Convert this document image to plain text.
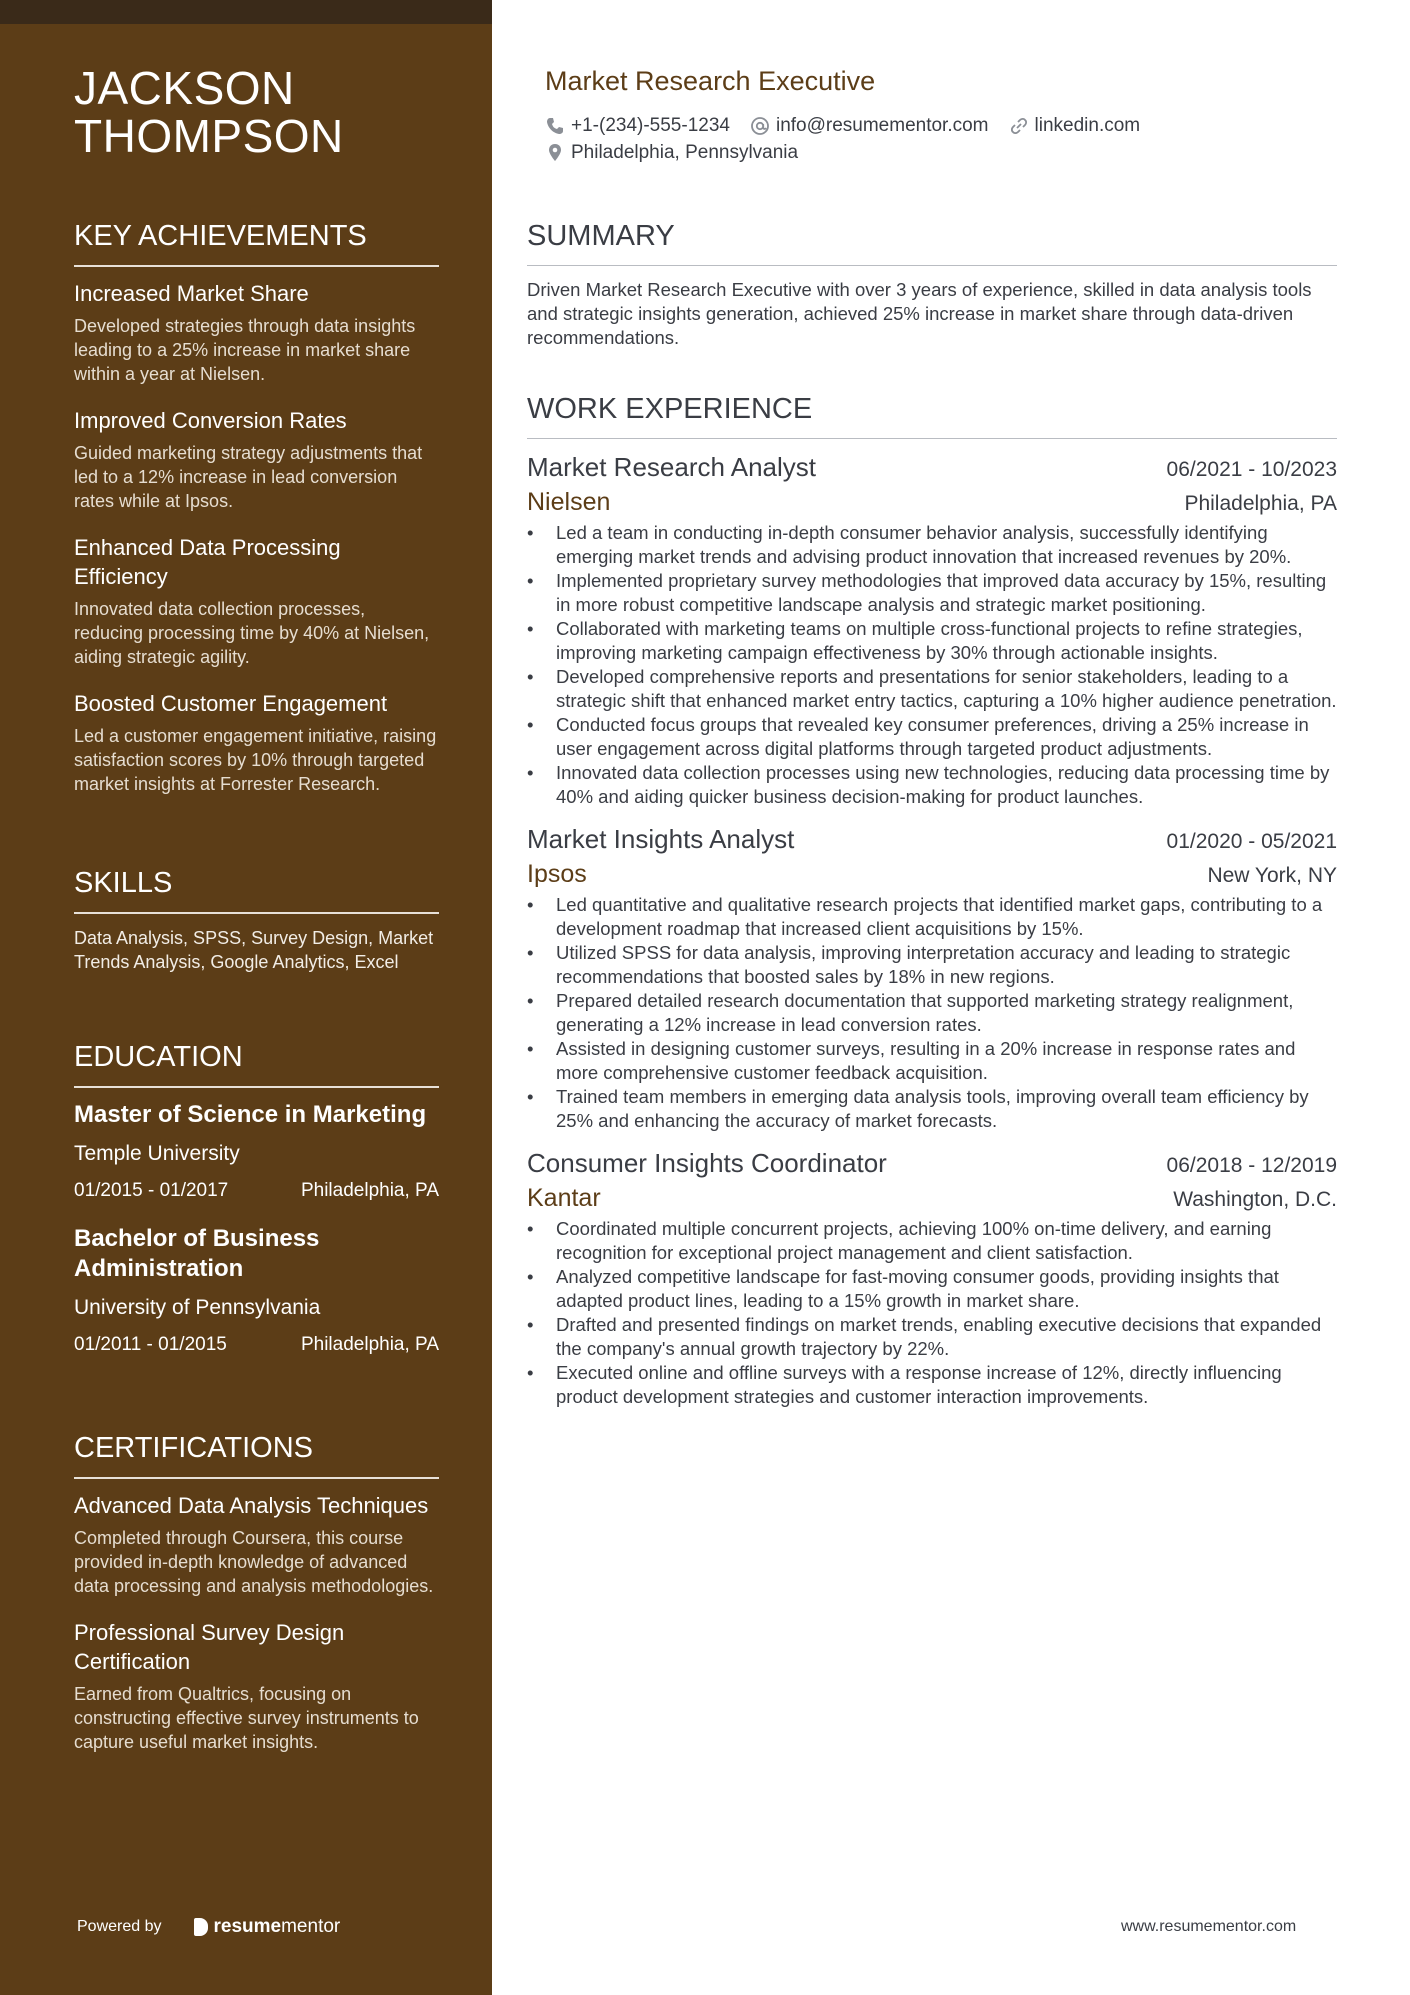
JACKSON
THOMPSON
KEY ACHIEVEMENTS
Increased Market Share
Developed strategies through data insights leading to a 25% increase in market share within a year at Nielsen.
Improved Conversion Rates
Guided marketing strategy adjustments that led to a 12% increase in lead conversion rates while at Ipsos.
Enhanced Data Processing Efficiency
Innovated data collection processes, reducing processing time by 40% at Nielsen, aiding strategic agility.
Boosted Customer Engagement
Led a customer engagement initiative, raising satisfaction scores by 10% through targeted market insights at Forrester Research.
SKILLS
Data Analysis, SPSS, Survey Design, Market Trends Analysis, Google Analytics, Excel
EDUCATION
Master of Science in Marketing
Temple University
01/2015 - 01/2017	Philadelphia, PA
Bachelor of Business Administration
University of Pennsylvania
01/2011 - 01/2015	Philadelphia, PA
CERTIFICATIONS
Advanced Data Analysis Techniques
Completed through Coursera, this course provided in-depth knowledge of advanced data processing and analysis methodologies.
Professional Survey Design Certification
Earned from Qualtrics, focusing on constructing effective survey instruments to capture useful market insights.
Powered by	resume mentor
Market Research Executive
+1-(234)-555-1234 info@resumementor.com linkedin.com
Philadelphia, Pennsylvania
SUMMARY
Driven Market Research Executive with over 3 years of experience, skilled in data analysis tools and strategic insights generation, achieved 25% increase in market share through data-driven recommendations.
WORK EXPERIENCE
Market Research Analyst	06/2021 - 10/2023
Nielsen	Philadelphia, PA
• Led a team in conducting in-depth consumer behavior analysis, successfully identifying emerging market trends and advising product innovation that increased revenues by 20%.
• Implemented proprietary survey methodologies that improved data accuracy by 15%, resulting in more robust competitive landscape analysis and strategic market positioning.
• Collaborated with marketing teams on multiple cross-functional projects to refine strategies, improving marketing campaign effectiveness by 30% through actionable insights.
• Developed comprehensive reports and presentations for senior stakeholders, leading to a strategic shift that enhanced market entry tactics, capturing a 10% higher audience penetration.
• Conducted focus groups that revealed key consumer preferences, driving a 25% increase in user engagement across digital platforms through targeted product adjustments.
• Innovated data collection processes using new technologies, reducing data processing time by 40% and aiding quicker business decision-making for product launches.
Market Insights Analyst	01/2020 - 05/2021
Ipsos	New York, NY
• Led quantitative and qualitative research projects that identified market gaps, contributing to a development roadmap that increased client acquisitions by 15%.
• Utilized SPSS for data analysis, improving interpretation accuracy and leading to strategic recommendations that boosted sales by 18% in new regions.
• Prepared detailed research documentation that supported marketing strategy realignment, generating a 12% increase in lead conversion rates.
• Assisted in designing customer surveys, resulting in a 20% increase in response rates and more comprehensive customer feedback acquisition.
• Trained team members in emerging data analysis tools, improving overall team efficiency by 25% and enhancing the accuracy of market forecasts.
Consumer Insights Coordinator	06/2018 - 12/2019
Kantar	Washington, D.C.
• Coordinated multiple concurrent projects, achieving 100% on-time delivery, and earning recognition for exceptional project management and client satisfaction.
• Analyzed competitive landscape for fast-moving consumer goods, providing insights that adapted product lines, leading to a 15% growth in market share.
• Drafted and presented findings on market trends, enabling executive decisions that expanded the company's annual growth trajectory by 22%.
• Executed online and offline surveys with a response increase of 12%, directly influencing product development strategies and customer interaction improvements.
www.resumementor.com
